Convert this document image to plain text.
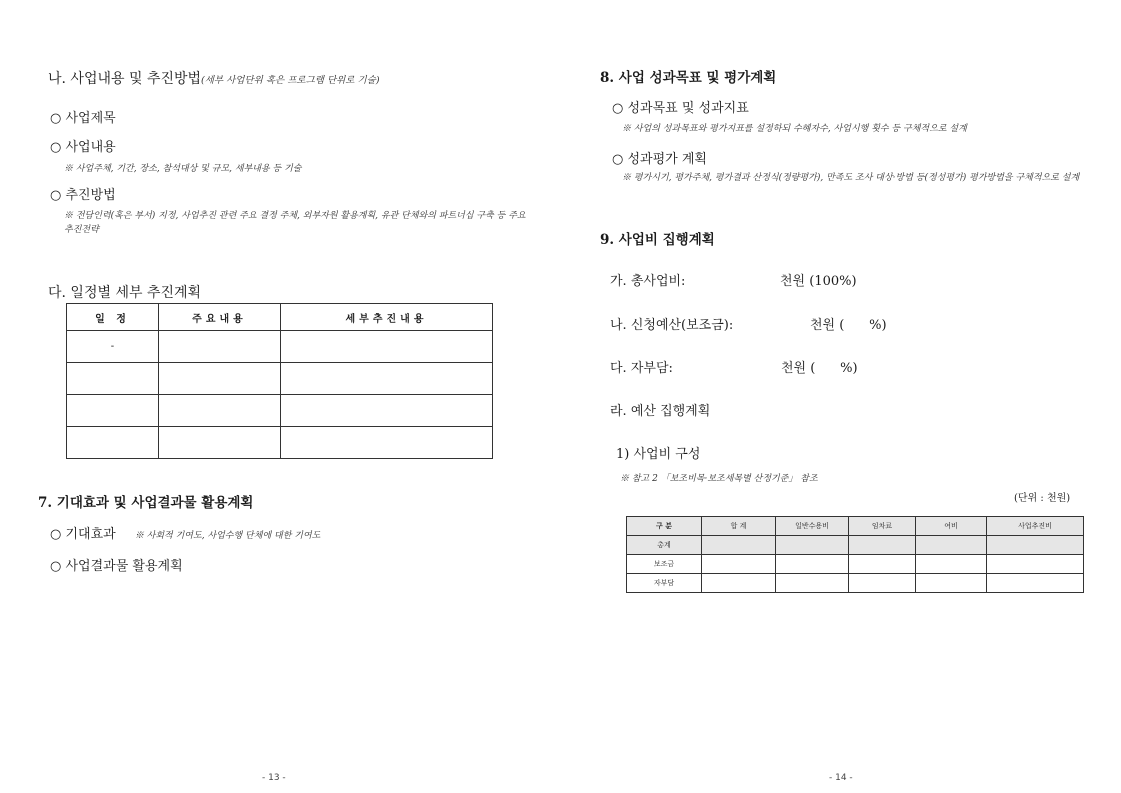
나. 사업내용 및 추진방법(세부 사업단위 혹은 프로그램 단위로 기술)
○ 사업제목
○ 사업내용
※ 사업주체, 기간, 장소, 참석대상 및 규모, 세부내용 등 기술
○ 추진방법
※ 전담인력(혹은 부서) 지정, 사업추진 관련 주요 결정 주체, 외부자원 활용계획, 유관 단체와의 파트너십 구축 등 주요 추진전략
다. 일정별 세부 추진계획
일 정	주요내용	세부추진내용
-		

7. 기대효과 및 사업결과물 활용계획
○ 기대효과 ※ 사회적 기여도, 사업수행 단체에 대한 기여도
○ 사업결과물 활용계획
- 13 -
8. 사업 성과목표 및 평가계획
○ 성과목표 및 성과지표
※ 사업의 성과목표와 평가지표를 설정하되 수혜자수, 사업시행 횟수 등 구체적으로 설계
○ 성과평가 계획
※ 평가시기, 평가주체, 평가결과 산정식(정량평가), 만족도 조사 대상·방법 등(정성평가) 평가방법을 구체적으로 설계
9. 사업비 집행계획
가. 총사업비:	천원 (100%)
나. 신청예산(보조금):	천원 (      %)
다. 자부담:	천원 (      %)
라. 예산 집행계획
1) 사업비 구성
※ 참고 2 「보조비목·보조세목별 산정기준」 참조
(단위 : 천원)
구 분	합 계	일반수용비	임차료	여비	사업추진비
총계					
보조금					
자부담					
- 14 -
